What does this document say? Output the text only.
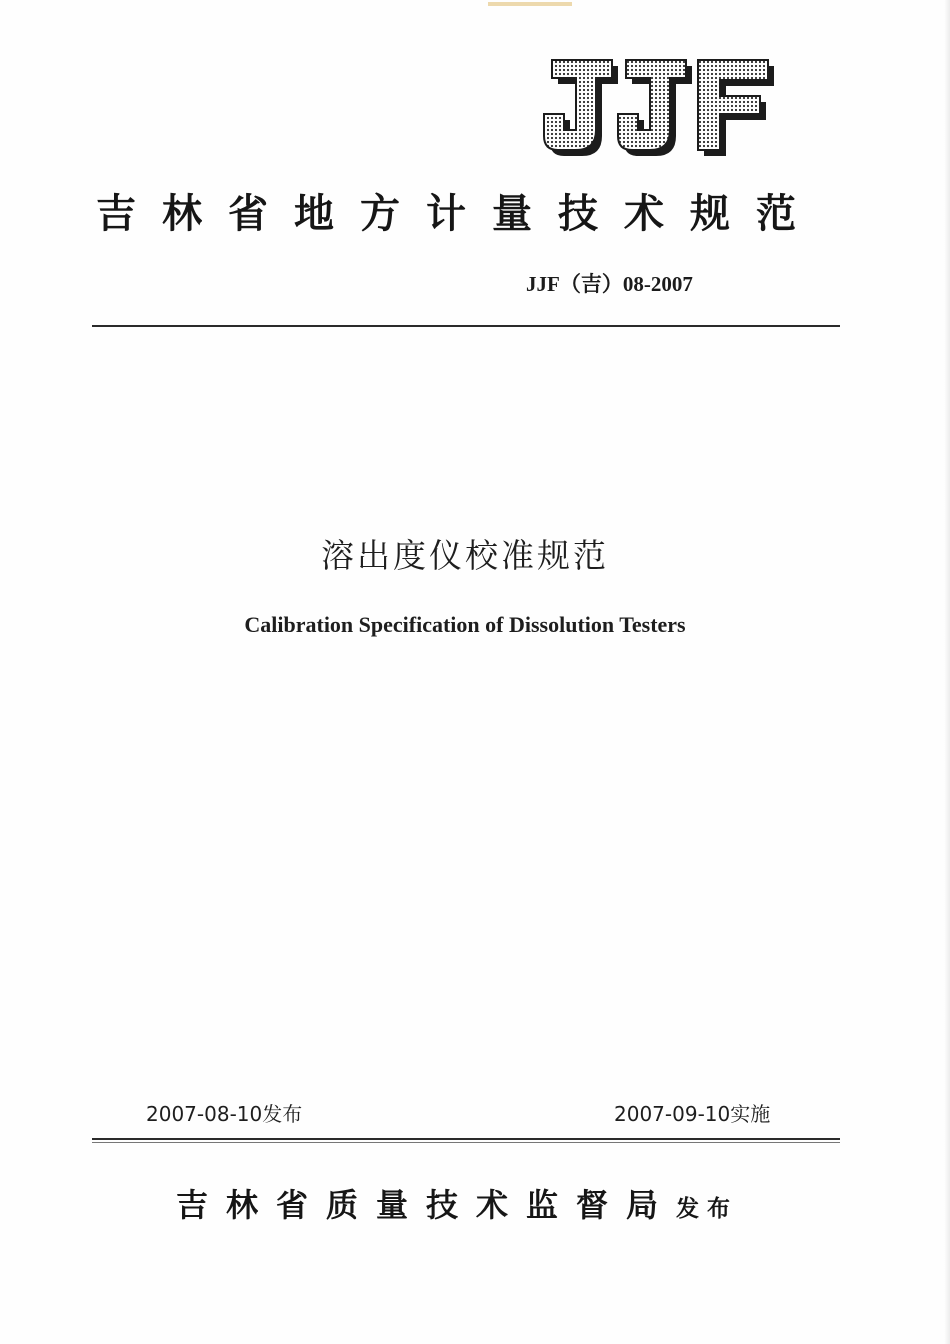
吉林省地方计量技术规范
JJF（吉）08-2007
溶出度仪校准规范
Calibration Specification of Dissolution Testers
2007-08-10发布	2007-09-10实施
吉林省质量技术监督局发布
